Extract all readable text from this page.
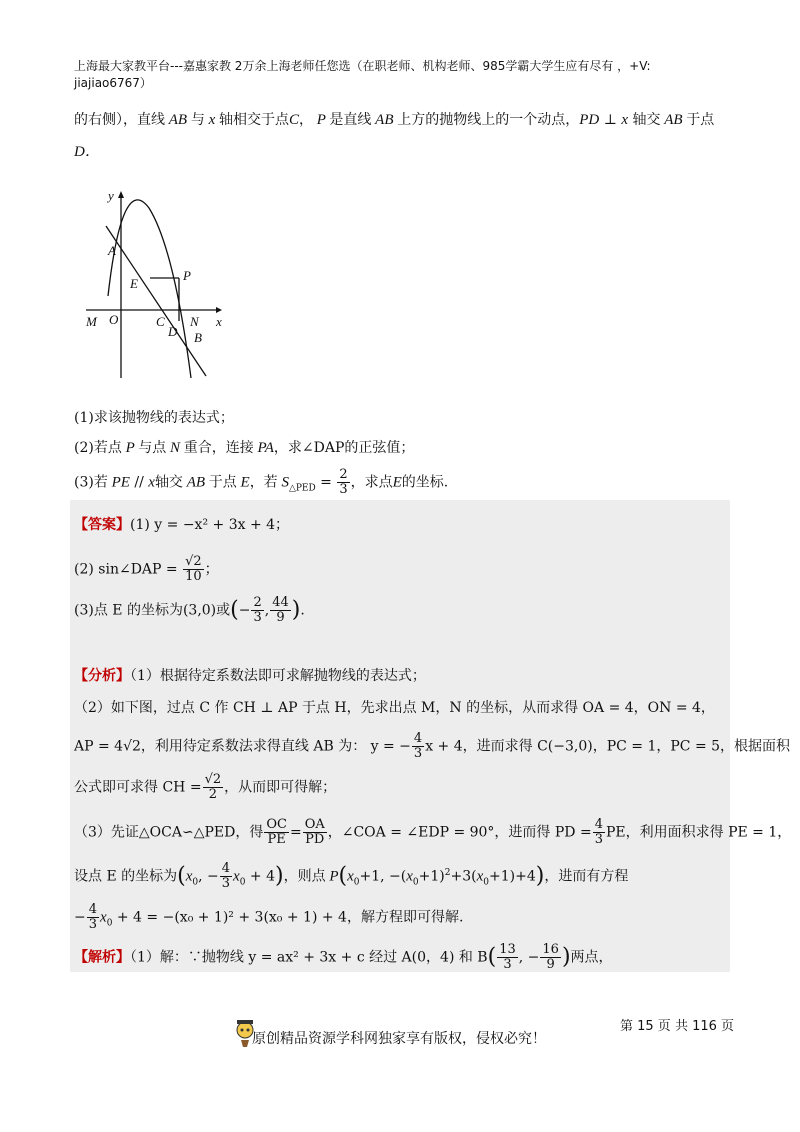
上海最大家教平台---嘉惠家教 2万余上海老师任您选（在职老师、机构老师、985学霸大学生应有尽有 ，+V:
jiajiao6767）
的右侧），直线 AB 与 x 轴相交于点C， P 是直线 AB 上方的抛物线上的一个动点，PD ⊥ x 轴交 AB 于点
D．
y
x
A
E
P
M O	C N
D B
(1)求该抛物线的表达式；
(2)若点 P 与点 N 重合，连接 PA，求∠DAP的正弦值；
(3)若 PE // x轴交 AB 于点 E，若 $S_{\triangle PED} = \frac{2}{3}$ ，求点E的坐标.
【答案】(1) y = −x² + 3x + 4；
(2) sin∠DAP = $\frac{√2}{10}$ ；
(3)点 E 的坐标为(3,0)或(− $\frac{2}{3}$ , $\frac{44}{9}$ ).
【分析】（1）根据待定系数法即可求解抛物线的表达式；
（2）如下图，过点 C 作 CH ⊥ AP 于点 H，先求出点 M，N 的坐标，从而求得 OA = 4，ON = 4，
AP = 4√2，利用待定系数法求得直线 AB 为： y = − $\frac{4}{3}$ x + 4，进而求得 C(−3,0)，PC = 1，PC = 5，根据面积
公式即可求得 CH = $\frac{√2}{2}$ ，从而即可得解；
（3）先证△OCA∽△PED，得 $\frac{OC}{PE} = \frac{OA}{PD}$ ，∠COA = ∠EDP = 90°，进而得 PD = $\frac{4}{3}$ PE，利用面积求得 PE = 1，
设点 E 的坐标为($x_0$, − $\frac{4}{3} x_0 + 4$)，则点 $P(x_0+1$, $-(x_0+1)^2+3(x_0+1)+4$)，进而有方程
− $\frac{4}{3} x_0 + 4 = -(x_0 + 1)^2 + 3(x_0 + 1) + 4$，解方程即可得解.
【解析】（1）解：∵抛物线 y = ax² + 3x + c 经过 A(0，4) 和 $B( \frac{13}{3}$ , − $\frac{16}{9}$ )两点，
第 15 页 共 116 页
原创精品资源学科网独家享有版权，侵权必究！
